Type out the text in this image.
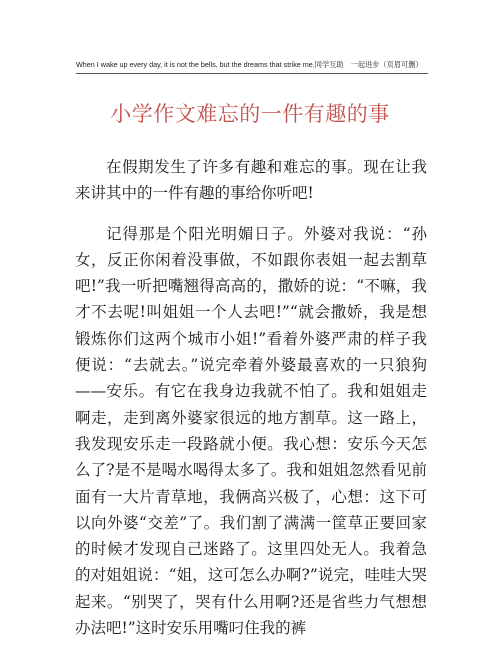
When I wake up every day, it is not the bells, but the dreams that strike me.同学互助　一起进步（页眉可删）
小学作文难忘的一件有趣的事

在假期发生了许多有趣和难忘的事。现在让我来讲其中的一件有趣的事给你听吧!

记得那是个阳光明媚日子。外婆对我说：“孙女，反正你闲着没事做，不如跟你表姐一起去割草吧!”我一听把嘴翘得高高的，撒娇的说：“不嘛，我才不去呢!叫姐姐一个人去吧!”“就会撒娇，我是想锻炼你们这两个城市小姐!”看着外婆严肃的样子我便说：“去就去。”说完牵着外婆最喜欢的一只狼狗——安乐。有它在我身边我就不怕了。我和姐姐走啊走，走到离外婆家很远的地方割草。这一路上，我发现安乐走一段路就小便。我心想：安乐今天怎么了?是不是喝水喝得太多了。我和姐姐忽然看见前面有一大片青草地，我俩高兴极了，心想：这下可以向外婆“交差”了。我们割了满满一筐草正要回家的时候才发现自己迷路了。这里四处无人。我着急的对姐姐说：“姐，这可怎么办啊?”说完，哇哇大哭起来。“别哭了，哭有什么用啊?还是省些力气想想办法吧!”这时安乐用嘴叼住我的裤
